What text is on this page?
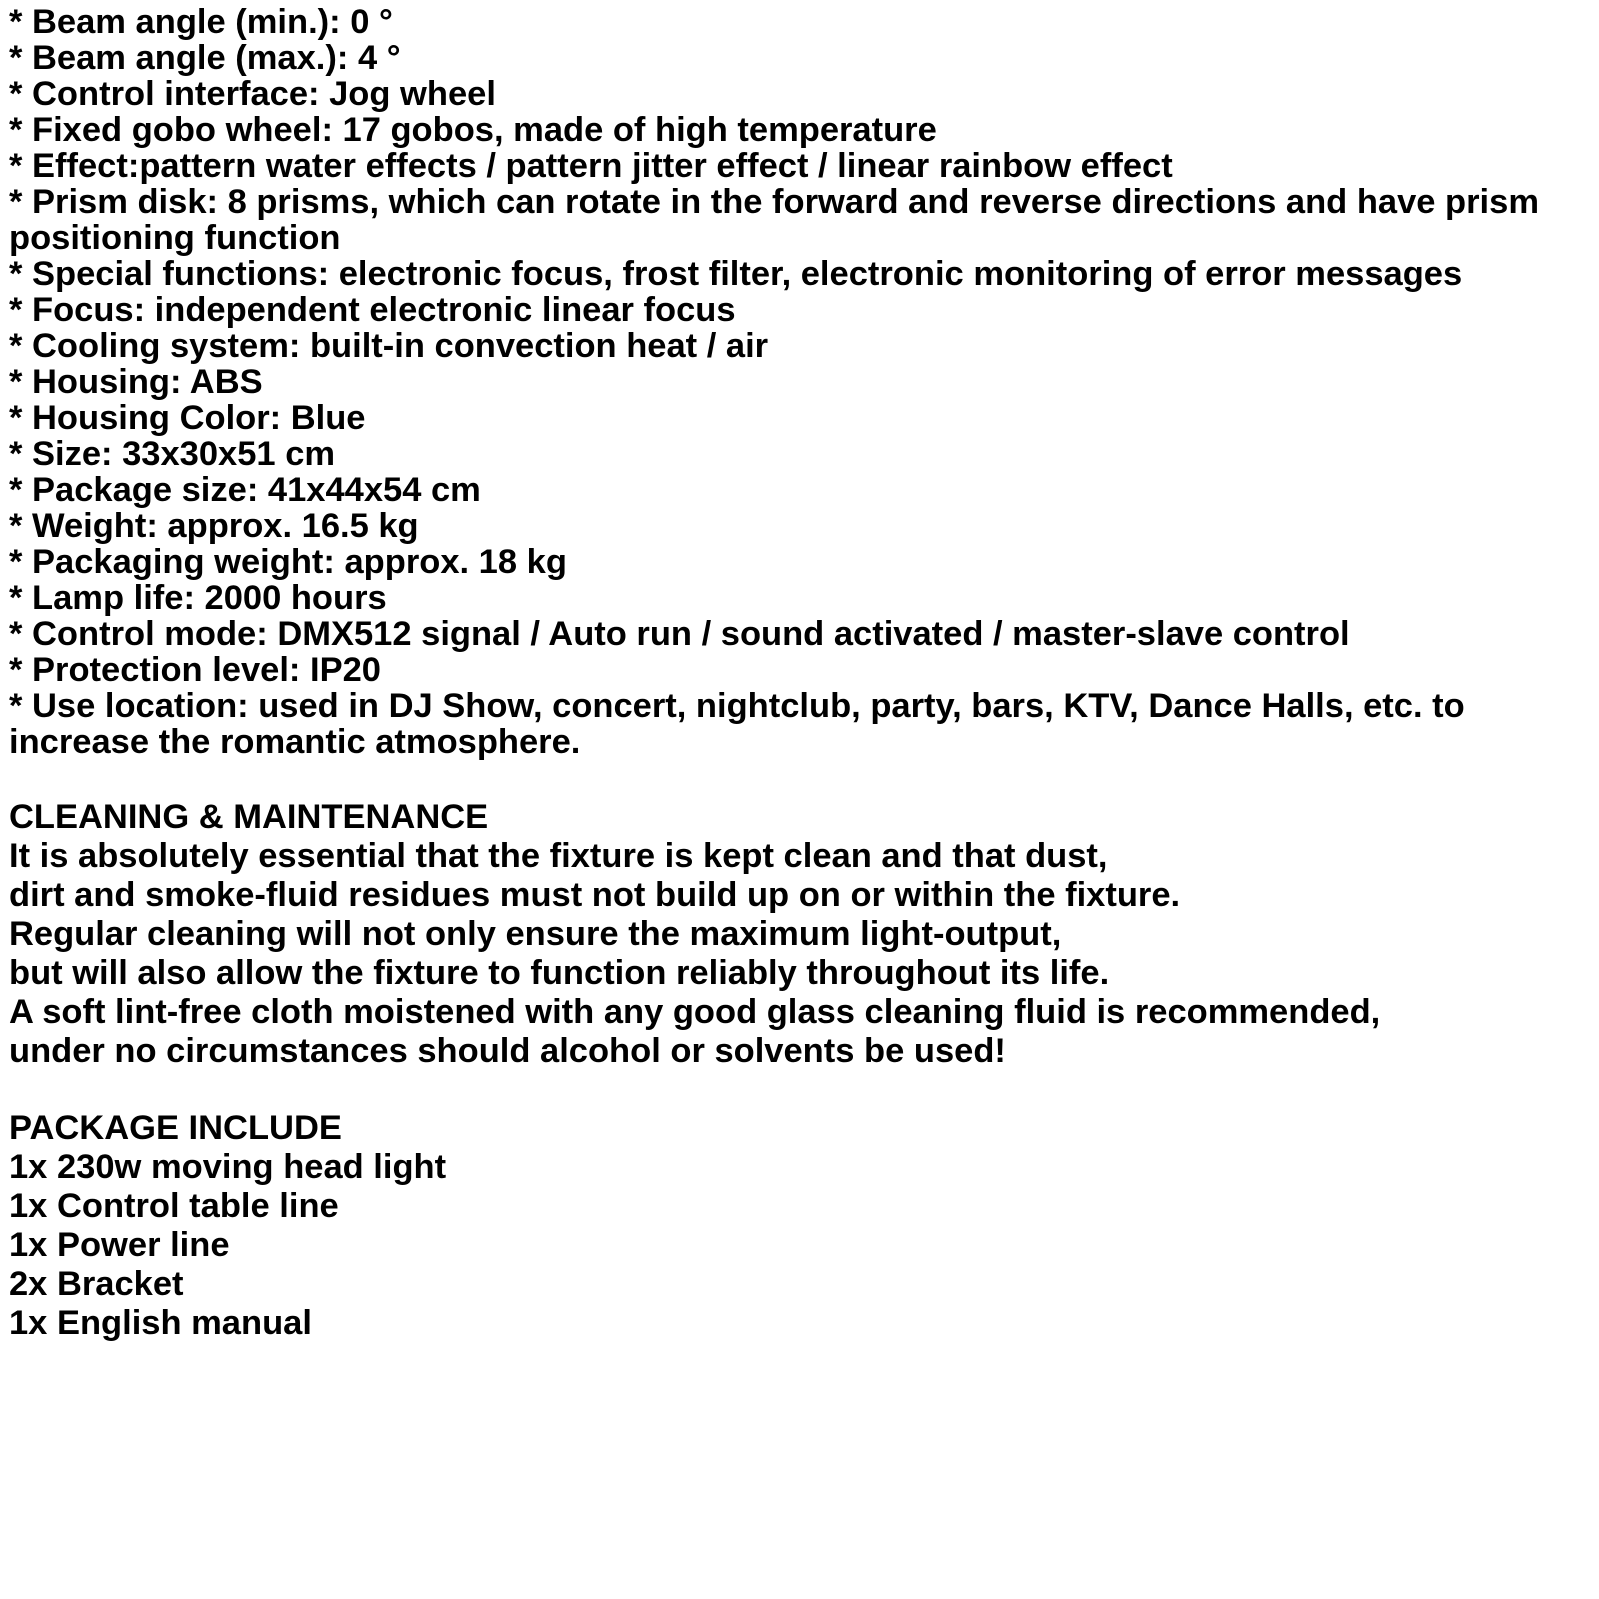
* Beam angle (min.): 0 °
* Beam angle (max.): 4 °
* Control interface: Jog wheel
* Fixed gobo wheel: 17 gobos, made of high temperature
* Effect:pattern water effects / pattern jitter effect / linear rainbow effect
* Prism disk: 8 prisms, which can rotate in the forward and reverse directions and have prism positioning function
* Special functions: electronic focus, frost filter, electronic monitoring of error messages
* Focus: independent electronic linear focus
* Cooling system: built-in convection heat / air
* Housing: ABS
* Housing Color: Blue
* Size: 33x30x51 cm
* Package size: 41x44x54 cm
* Weight: approx. 16.5 kg
* Packaging weight: approx. 18 kg
* Lamp life: 2000 hours
* Control mode: DMX512 signal / Auto run / sound activated / master-slave control
* Protection level: IP20
* Use location: used in DJ Show, concert, nightclub, party, bars, KTV, Dance Halls, etc. to increase the romantic atmosphere.
CLEANING & MAINTENANCE
It is absolutely essential that the fixture is kept clean and that dust,
dirt and smoke-fluid residues must not build up on or within the fixture.
Regular cleaning will not only ensure the maximum light-output,
but will also allow the fixture to function reliably throughout its life.
A soft lint-free cloth moistened with any good glass cleaning fluid is recommended,
under no circumstances should alcohol or solvents be used!
PACKAGE INCLUDE
1x 230w moving head light
1x Control table line
1x Power line
2x Bracket
1x English manual
